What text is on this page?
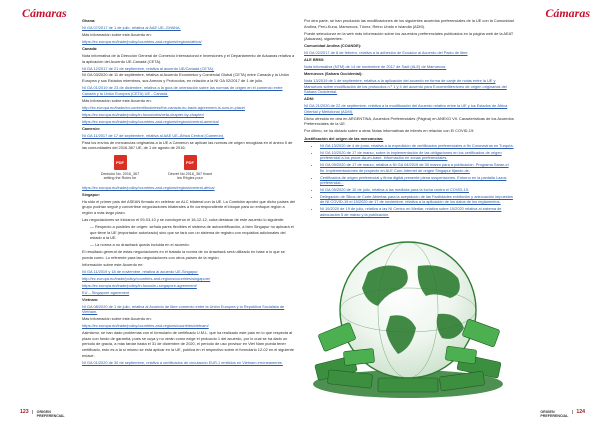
Cámaras	Cámaras

Ghana:

NI GA 07/2017 de 1 de julio, relativa al AAE UE–GHANA.

Más información sobre este Acuerdo en:

https://ec.europa.eu/trade/policy/countries-and-regions/regions/africa/

Canadá:

Nota informativa de la Dirección General de Comercio Internacional e Inversiones y el Departamento de Aduanas relativa a la aplicación del Acuerdo UE-Canadá (CETA).

NI GA 12/2017 de 21 de septiembre, relativa al acuerdo UE/Canadá (CETA).

NI GA 03/2020 de 11 de septiembre, relativa al Acuerdo Económico y Comercial Global (CETA) entre Canadá y la Unión Europea y sus Estados miembros, sus Anexos y Protocolos, en relación a la NI GA 02/2017 de 1 de julio.

NI GA 01/2019 de 23 de diciembre, relativa a la guía de orientación sobre las normas de origen en el comercio entre Canadá y la Unión Europea (CETA) UE - Canadá.

Más información sobre este Acuerdo en:

http://ec.europa.eu/trade/en-content/business/the-canada-eu-trade-agreement-is-now-in-place/

https://ec.europa.eu/trade/policy/in-focus/ceta/ceta-chapter-by-chapter/

https://ec.europa.eu/trade/policy/countries-and-regions/regions/central-america/

Camerún:

NI GA 11/2017 de 17 de septiembre, relativa al AAE UE–África Central (Camerún).

Para los envíos de mercancías originarias a la UE a Camerún se aplican las normas de origen recogidas en el anexo II de las comunidades del 2016-367 UE, de 1 de agosto de 2016:

PDF
Decisión No. 2016_367 setting the Rules for
PDF
Décret No 2016_367 fixant les Règles pour

https://ec.europa.eu/trade/policy/countries-and-regions/regions/central-africa/

Singapur:

Ha sido el primer país del ASEAN firmado en celebrar un ALC bilateral con la UE. La Comisión aprobó que dicho países del grupo podrían seguir y convertirse negociaciones bilaterales a fin correspondiente el bloque para un enfoque región a región a más largo plazo.

Las negociaciones se iniciaron el 09-03-10 y se concluyeron el 16-12-12, cuba destacar de este acuerdo lo siguiente:

— Respecto a posibles de origen: señala pares flexibles el sistema de autocertificación, a bien Singapur no aplicará el que tiene la UE (exportador autorizado) sino que se fará con un sistema de registro con requisitos adicionales del estado a la UE.

— La norma a no drawback queda incluida en el acuerdo.

El resultado general de estas negociaciones en el tratado la norma de no drawback será utilizado en base a lo que se pueda como. Lo referente para las negociaciones con otros países de la región.

Información sobre este Acuerdo en:

NI GA 11/2019 y 18 de noviembre, relativa al acuerdo UE-Singapur.

http://ec.europa.eu/trade/policy/countries-and-regions/countries/singapore/

https://ec.europa.eu/trade/policy/in-focus/eu-singapore-agreement/

EU – Singapore agreement

Vietnam:

NI GA 08/2020 de 1 de julio, relativa al Acuerdo de libre comercio entre la Unión Europea y la República Socialista de Vietnam.

Más información sobre este Acuerdo en:

https://ec.europa.eu/trade/policy/countries-and-regions/countries/vietnam/

Asimismo, se han dado problemas con el formulario de certificado U.M.L. que ha realizado este país en lo que respecta al plazo con fondo de garantía, pues se cuya y no verán como exige el protocolo 1 del acuerdo, por lo cual se ha dado un periodo de gracia, a más tardar hasta el 31 de diciembre de 2020, el periodo de uso provisor en Viet Nam pueda tener certificado, esto es a la sí mismo se está aplicar en la UE, publica en el respectivo sobre el formulario 12-02 en el siguiente enlace:

NI GA 01/2020 de 30 de septiembre, relativa a certificados de circulación EUR.1 emitidos en Vietnam erróneamente.

Por otra parte, se han producido las modificaciones de los siguientes acuerdos preferenciales de la UE con la Comunidad Andina, Perú-Kuna, Marruecos, Túnez, Reino Unido e Islandia (ADM).

Puede seleccionar en la web más información sobre los acuerdos preferenciales publicados en la página web de la AEAT (Aduanas), siguientes:

Comunidad Andina (COANDE):

NI GA 02/2017 de 8 de febrero, relativa a la adhesión de Ecuador al Acuerdo del Pacto de libre

ALE BRMI:

Nota informativa (NTM) de 14 de noviembre de 2017 de Sadi (ALE) de Marruecos.

Marruecos (Sahara Occidental):

Nota 13/2019 de 1 de septiembre, relativa a la aplicación del acuerdo en forma de canje de notas entre la UE y Marruecos sobre modificación de los protocolos n.º 1 y 4 del acuerdo para Euromediterráneo de origen originarias del Sahara Occidental.

ADM:

NI GA 21/2020 de 22 de septiembre, relativa a la modificación del Acuerdo relativo entre la UE y los Estados de África Oriental y Meridional (ADM).

Dicho ofrecido en otra en ARGENTINA, Acuerdos Preferenciales (Página) en ANEXO VII. Características de los Acuerdos Preferenciales de la UE.

Por último, se ha dictado sobre a otras Notas informativas de interés en relación con El COVID-19:

Justificación del origen de las mercancías:

• NI GA 13/2020 de 4 de junio, relativa a la expedición de certificados preferenciales a fin Coronavirus en Turquía.
• NI GA 10/2020 de 17 de marzo, sobre la implementación de las obligaciones en los certificados de origen preferencial a los proce-da-en-base. Información en zonas preferenciales.
• NI GA 09/2020 de 17 de marzo, relativa a NI GA 04/2019 de 30 marzo para a publicación. Programa Saran-el fin. Implementaciones de proyecto en ALE Corn-Internet de origen Singapur fijando de.
• Certificados de origen preferencial y firma digital presente plena suspensiones. Entorno en la pantalla Lazos preferencial...
• NI GA 09/2020 de 10 de julio, relativa a las medidas para la lucha contra el COVID-19.
• Delegación de Sitios de Corte Abiertas para la aceptación de las Facilidades exhibición y adecuación impuestos de NI COVID-19 el 15/2020 de 17 de noviembre, relativa a la aplicación de los datos de los reglamentos.
• NI 10/2020 de 19 de julio, relativa a las NI Centro en Mediar, relativa sobre 10/2020 relativa al sistema de adecuación 5 de marzo y la publicación.
123 ORIGEN
PREFERENCIAL
ORIGEN
PREFERENCIAL 124
